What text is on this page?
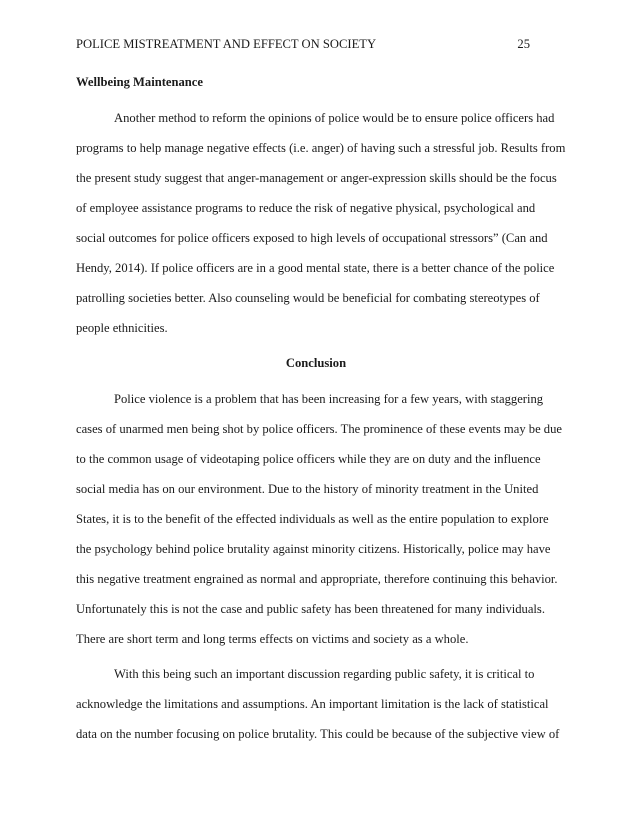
POLICE MISTREATMENT AND EFFECT ON SOCIETY	25
Wellbeing Maintenance
Another method to reform the opinions of police would be to ensure police officers had
programs to help manage negative effects (i.e. anger) of having such a stressful job. Results from
the present study suggest that anger-management or anger-expression skills should be the focus
of employee assistance programs to reduce the risk of negative physical, psychological and
social outcomes for police officers exposed to high levels of occupational stressors” (Can and
Hendy, 2014). If police officers are in a good mental state, there is a better chance of the police
patrolling societies better. Also counseling would be beneficial for combating stereotypes of
people ethnicities.
Conclusion
Police violence is a problem that has been increasing for a few years, with staggering
cases of unarmed men being shot by police officers. The prominence of these events may be due
to the common usage of videotaping police officers while they are on duty and the influence
social media has on our environment. Due to the history of minority treatment in the United
States, it is to the benefit of the effected individuals as well as the entire population to explore
the psychology behind police brutality against minority citizens. Historically, police may have
this negative treatment engrained as normal and appropriate, therefore continuing this behavior.
Unfortunately this is not the case and public safety has been threatened for many individuals.
There are short term and long terms effects on victims and society as a whole.
With this being such an important discussion regarding public safety, it is critical to
acknowledge the limitations and assumptions. An important limitation is the lack of statistical
data on the number focusing on police brutality. This could be because of the subjective view of
